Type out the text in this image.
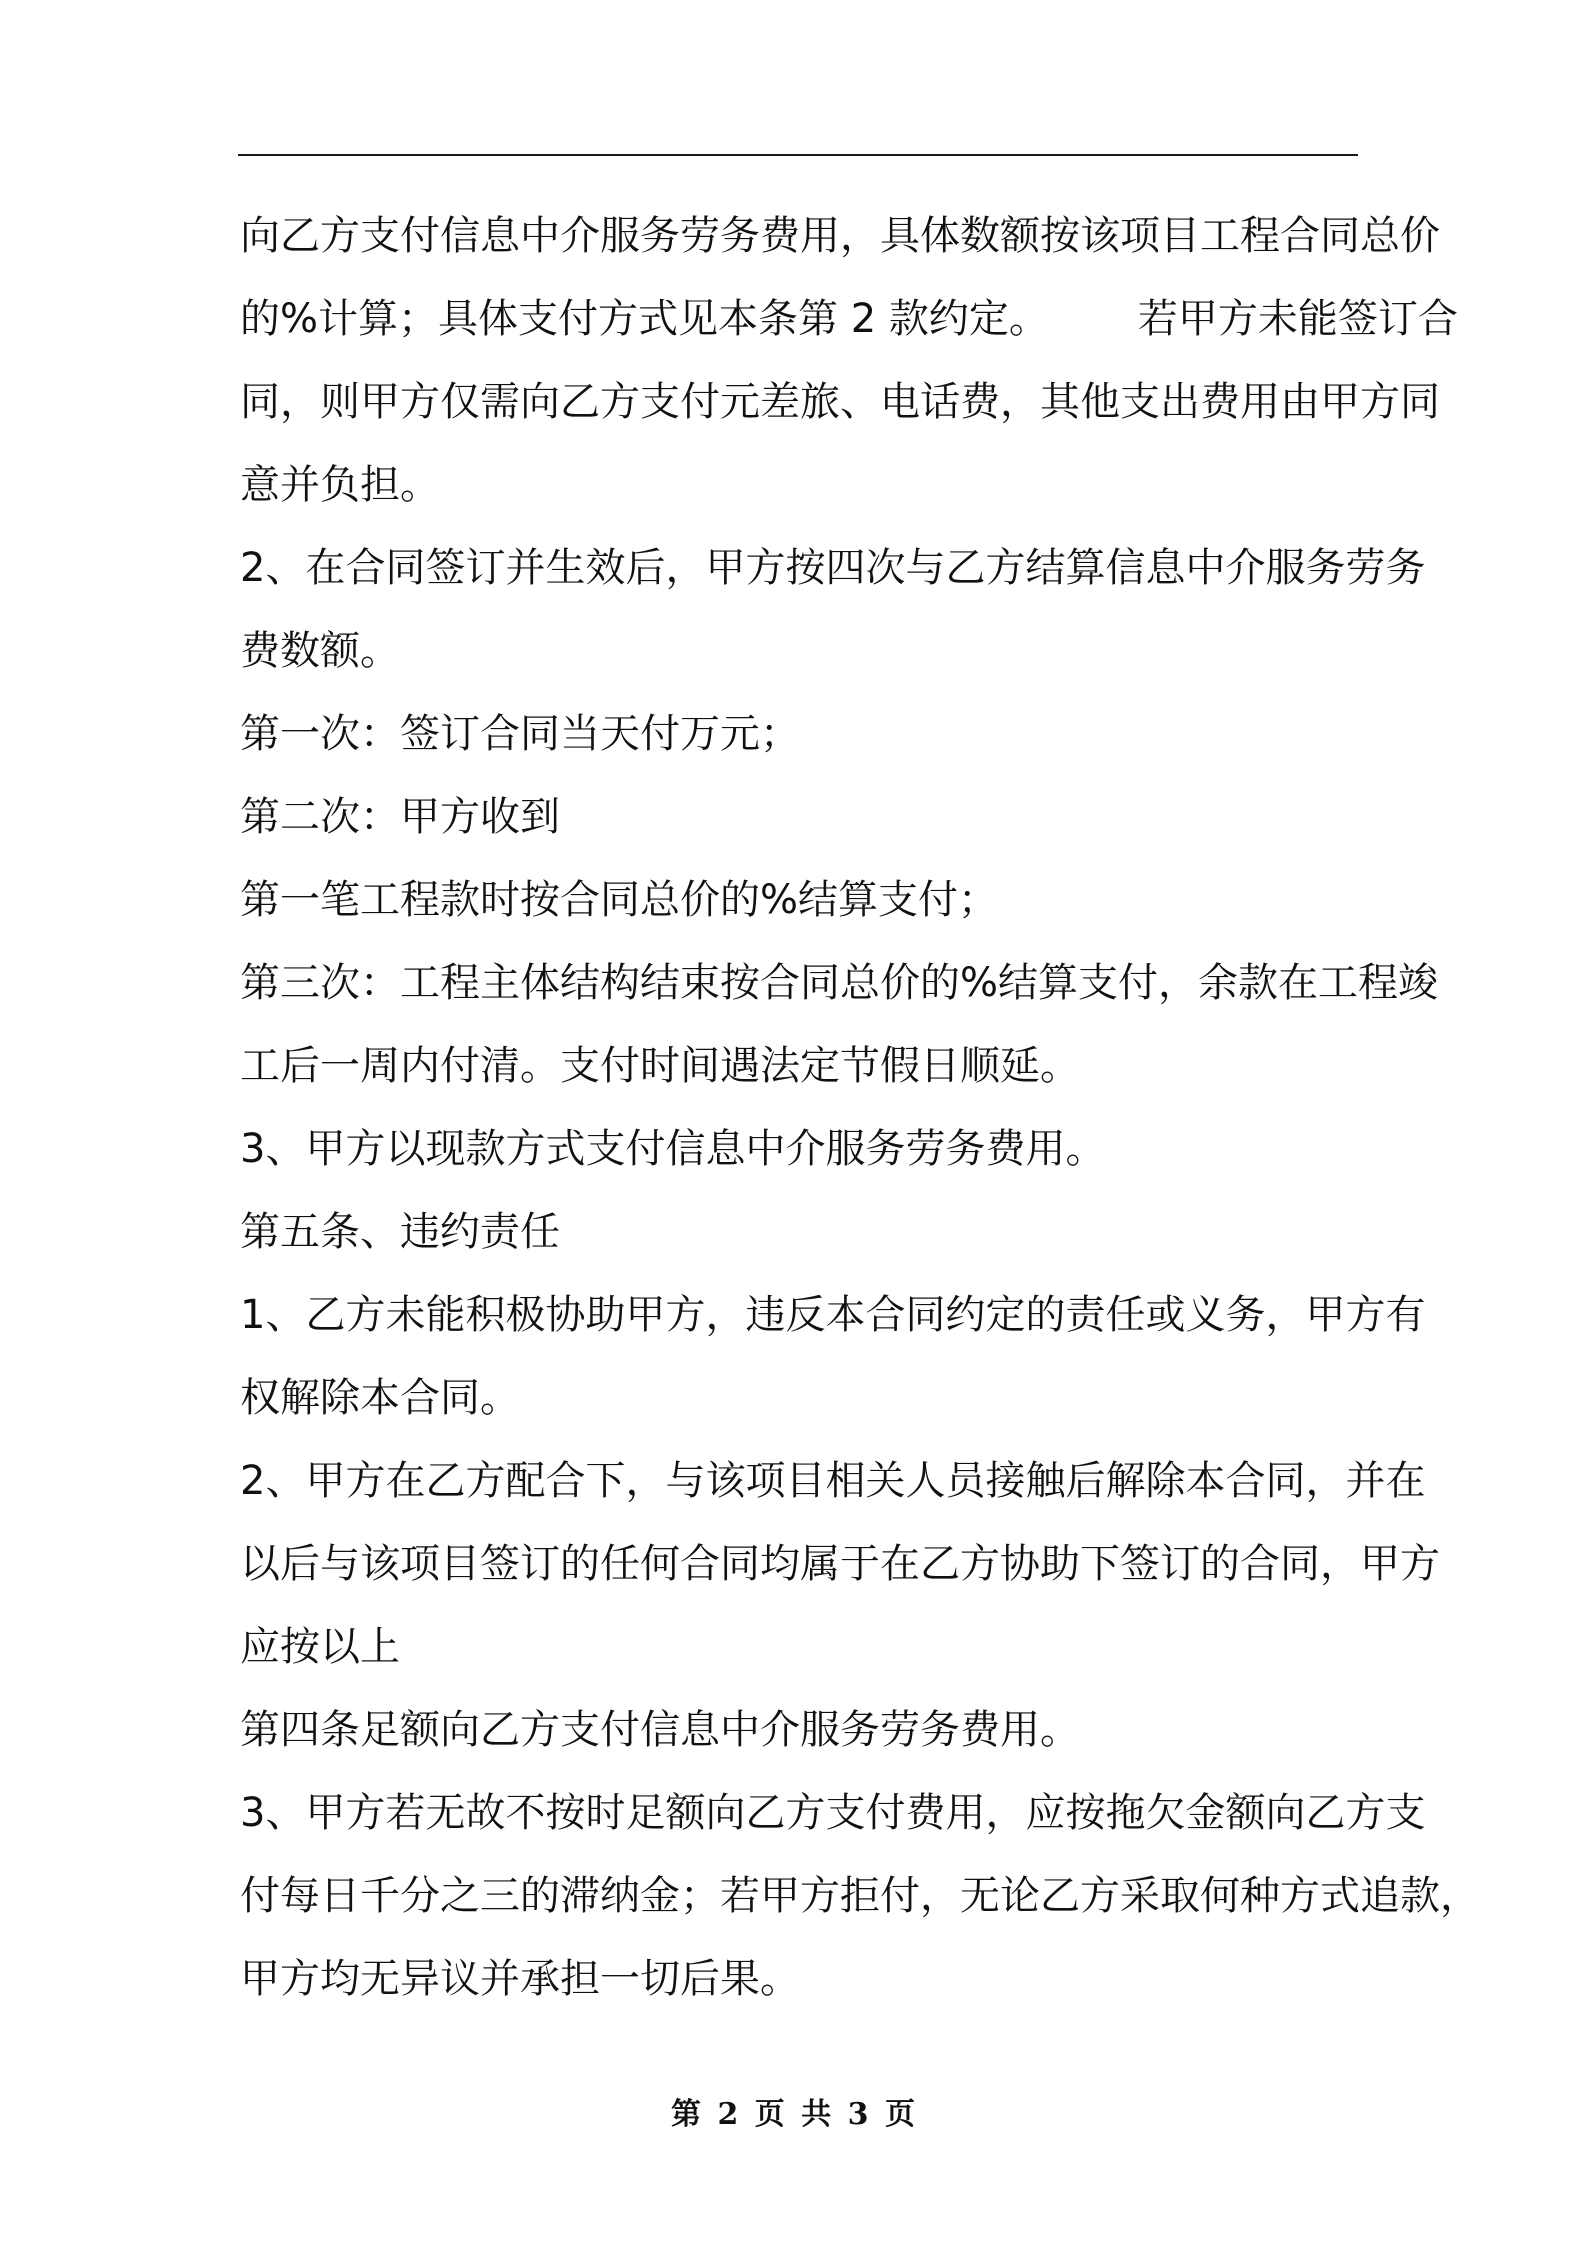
向乙方支付信息中介服务劳务费用，具体数额按该项目工程合同总价
的%计算；具体支付方式见本条第 2 款约定。       若甲方未能签订合
同，则甲方仅需向乙方支付元差旅、电话费，其他支出费用由甲方同
意并负担。
2、在合同签订并生效后，甲方按四次与乙方结算信息中介服务劳务
费数额。
第一次：签订合同当天付万元；
第二次：甲方收到
第一笔工程款时按合同总价的%结算支付；
第三次：工程主体结构结束按合同总价的%结算支付，余款在工程竣
工后一周内付清。支付时间遇法定节假日顺延。
3、甲方以现款方式支付信息中介服务劳务费用。
第五条、违约责任
1、乙方未能积极协助甲方，违反本合同约定的责任或义务，甲方有
权解除本合同。
2、甲方在乙方配合下，与该项目相关人员接触后解除本合同，并在
以后与该项目签订的任何合同均属于在乙方协助下签订的合同，甲方
应按以上
第四条足额向乙方支付信息中介服务劳务费用。
3、甲方若无故不按时足额向乙方支付费用，应按拖欠金额向乙方支
付每日千分之三的滞纳金；若甲方拒付，无论乙方采取何种方式追款，
甲方均无异议并承担一切后果。
第 2 页 共 3 页
